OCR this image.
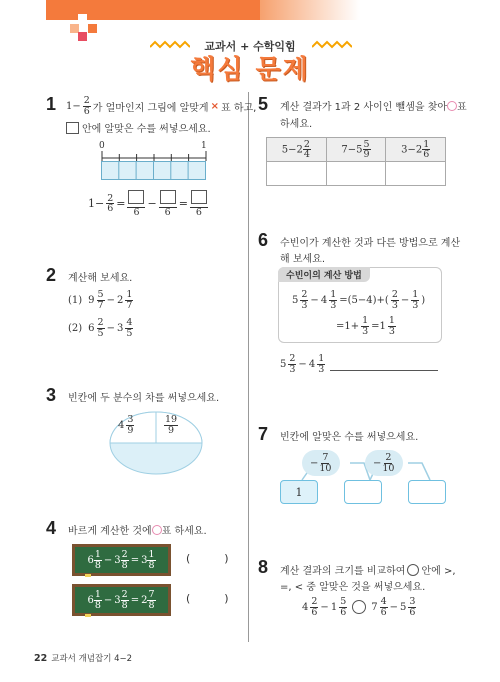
교과서 + 수학익힘
핵심 문제
1 $1- \frac{2}{6}$ 가 얼마인지 그림에 알맞게 × 표 하고,
안에 알맞은 수를 써넣으세요.
0	1
$1- \frac{2}{6}$ =
6
−
6
=
6
2 계산해 보세요.
(1) $9 \frac{5}{7} - 2 \frac{1}{7}$
(2) $6 \frac{2}{5} - 3 \frac{4}{5}$
3 빈칸에 두 분수의 차를 써넣으세요.
$4 \frac{3}{9}$	$\frac{19}{9}$
4 바르게 계산한 것에 ○ 표 하세요.
$6 \frac{1}{8} - 3 \frac{2}{8} = 3 \frac{1}{8}$	(	)
$6 \frac{1}{8} - 3 \frac{2}{8} = 2 \frac{7}{8}$	(	)
5 계산 결과가 1과 2 사이인 뺄셈을 찾아 ○ 표
하세요.
$5-2 \frac{2}{4}$	$7-5 \frac{5}{9}$	$3-2 \frac{1}{6}$

6 수빈이가 계산한 것과 다른 방법으로 계산
해 보세요.
수빈이의 계산 방법
$5 \frac{2}{3} - 4 \frac{1}{3} =(5-4)+( \frac{2}{3} - \frac{1}{3}$ )
$=1+ \frac{1}{3} =1 \frac{1}{3}$
$5 \frac{2}{3} - 4 \frac{1}{3}$
7 빈칸에 알맞은 수를 써넣으세요.
− $\frac{7}{10}$	− $\frac{2}{10}$
1
8 계산 결과의 크기를 비교하여 안에 >,
=, < 중 알맞은 것을 써넣으세요.
$4 \frac{2}{6} - 1 \frac{5}{6} 7 \frac{4}{6} - 5 \frac{3}{6}$
22 교과서 개념잡기 4−2
